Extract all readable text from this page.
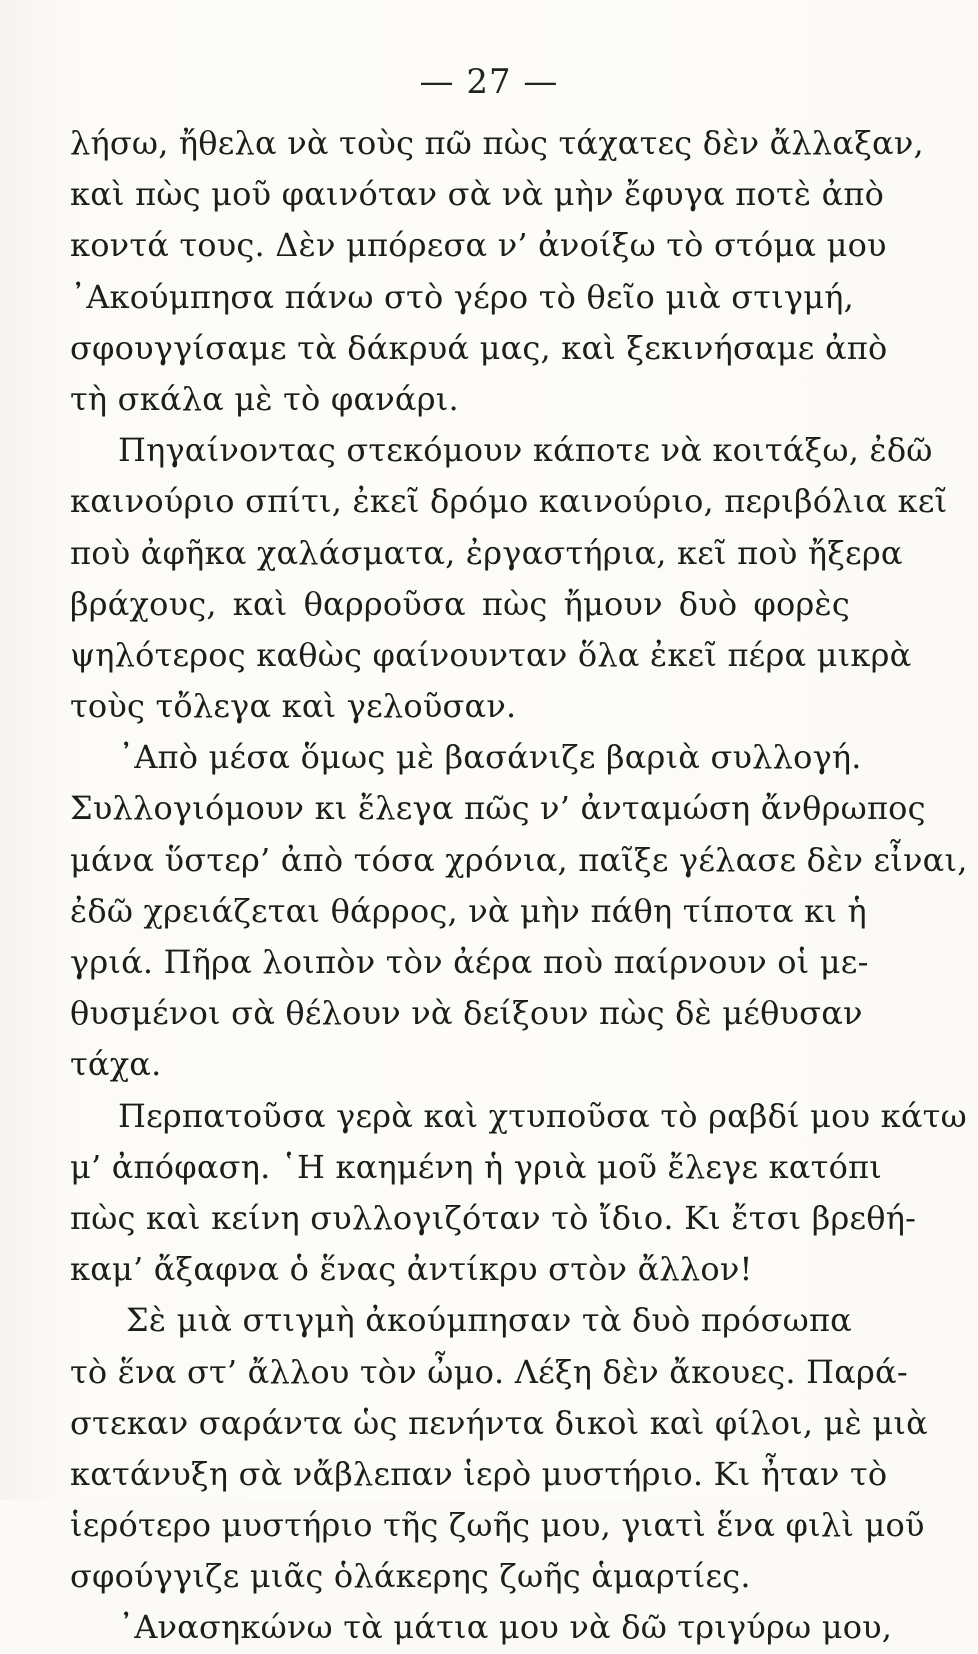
— 27 —
λήσω, ἤθελα νὰ τοὺς πῶ πὼς τάχατες δὲν ἄλλαξαν,
καὶ πὼς μοῦ φαινόταν σὰ νὰ μὴν ἔφυγα ποτὲ ἀπὸ
κοντά τους. Δὲν μπόρεσα ν’ ἀνοίξω τὸ στόμα μου
᾽Ακούμπησα πάνω στὸ γέρο τὸ θεῖο μιὰ στιγμή,
σφουγγίσαμε τὰ δάκρυά μας, καὶ ξεκινήσαμε ἀπὸ
τὴ σκάλα μὲ τὸ φανάρι.
Πηγαίνοντας στεκόμουν κάποτε νὰ κοιτάξω, ἐδῶ
καινούριο σπίτι, ἐκεῖ δρόμο καινούριο, περιβόλια κεῖ
ποὺ ἀφῆκα χαλάσματα, ἐργαστήρια, κεῖ ποὺ ἤξερα
βράχους, καὶ θαρροῦσα πὼς ἤμουν δυὸ φορὲς
ψηλότερος καθὼς φαίνουνταν ὅλα ἐκεῖ πέρα μικρὰ
τοὺς τὄλεγα καὶ γελοῦσαν.
᾽Απὸ μέσα ὅμως μὲ βασάνιζε βαριὰ συλλογή.
Συλλογιόμουν κι ἔλεγα πῶς ν’ ἀνταμώση ἄνθρωπος
μάνα ὕστερ’ ἀπὸ τόσα χρόνια, παῖξε γέλασε δὲν εἶναι,
ἐδῶ χρειάζεται θάρρος, νὰ μὴν πάθη τίποτα κι ἡ
γριά. Πῆρα λοιπὸν τὸν ἀέρα ποὺ παίρνουν οἱ με-
θυσμένοι σὰ θέλουν νὰ δείξουν πὼς δὲ μέθυσαν
τάχα.
Περπατοῦσα γερὰ καὶ χτυποῦσα τὸ ραβδί μου κάτω
μ’ ἀπόφαση. ῾Η καημένη ἡ γριὰ μοῦ ἔλεγε κατόπι
πὼς καὶ κείνη συλλογιζόταν τὸ ἴδιο. Κι ἔτσι βρεθή-
καμ’ ἄξαφνα ὁ ἕνας ἀντίκρυ στὸν ἄλλον!
Σὲ μιὰ στιγμὴ ἀκούμπησαν τὰ δυὸ πρόσωπα
τὸ ἕνα στ’ ἄλλου τὸν ὦμο. Λέξη δὲν ἄκουες. Παρά-
στεκαν σαράντα ὡς πενήντα δικοὶ καὶ φίλοι, μὲ μιὰ
κατάνυξη σὰ νἄβλεπαν ἱερὸ μυστήριο. Κι ἦταν τὸ
ἱερότερο μυστήριο τῆς ζωῆς μου, γιατὶ ἕνα φιλὶ μοῦ
σφούγγιζε μιᾶς ὁλάκερης ζωῆς ἁμαρτίες.
᾽Ανασηκώνω τὰ μάτια μου νὰ δῶ τριγύρω μου,
